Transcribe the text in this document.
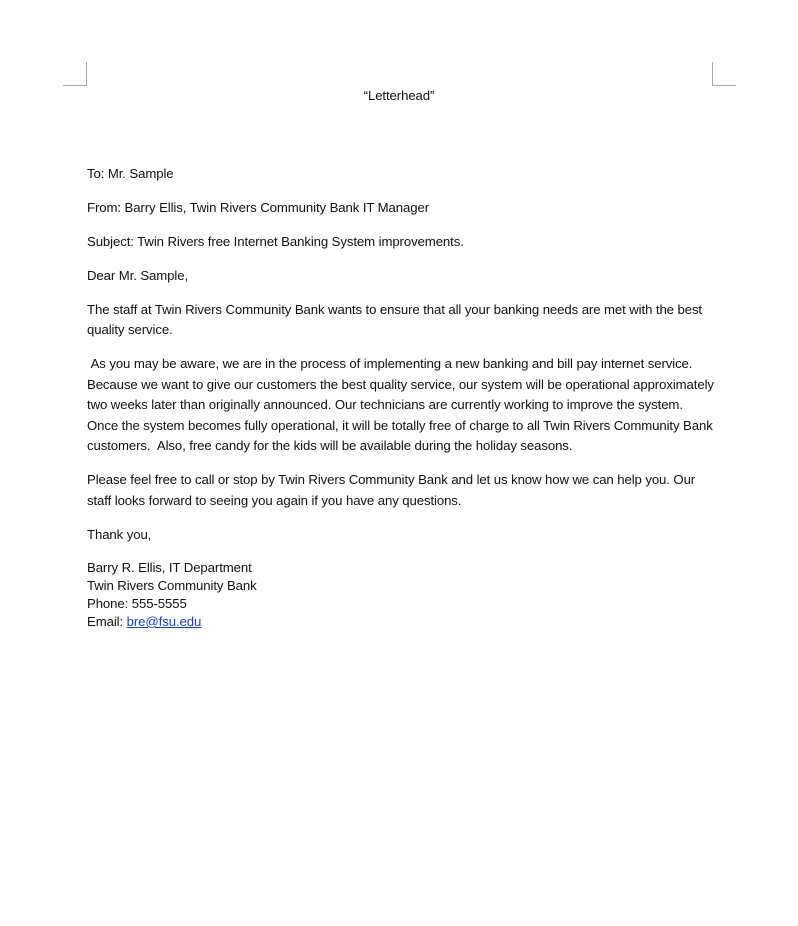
“Letterhead”

To: Mr. Sample

From: Barry Ellis, Twin Rivers Community Bank IT Manager

Subject: Twin Rivers free Internet Banking System improvements.

Dear Mr. Sample,

The staff at Twin Rivers Community Bank wants to ensure that all your banking needs are met with the best quality service.

As you may be aware, we are in the process of implementing a new banking and bill pay internet service. Because we want to give our customers the best quality service, our system will be operational approximately two weeks later than originally announced. Our technicians are currently working to improve the system. Once the system becomes fully operational, it will be totally free of charge to all Twin Rivers Community Bank customers.  Also, free candy for the kids will be available during the holiday seasons.

Please feel free to call or stop by Twin Rivers Community Bank and let us know how we can help you. Our staff looks forward to seeing you again if you have any questions.

Thank you,

Barry R. Ellis, IT Department

Twin Rivers Community Bank

Phone: 555-5555

Email: bre@fsu.edu
